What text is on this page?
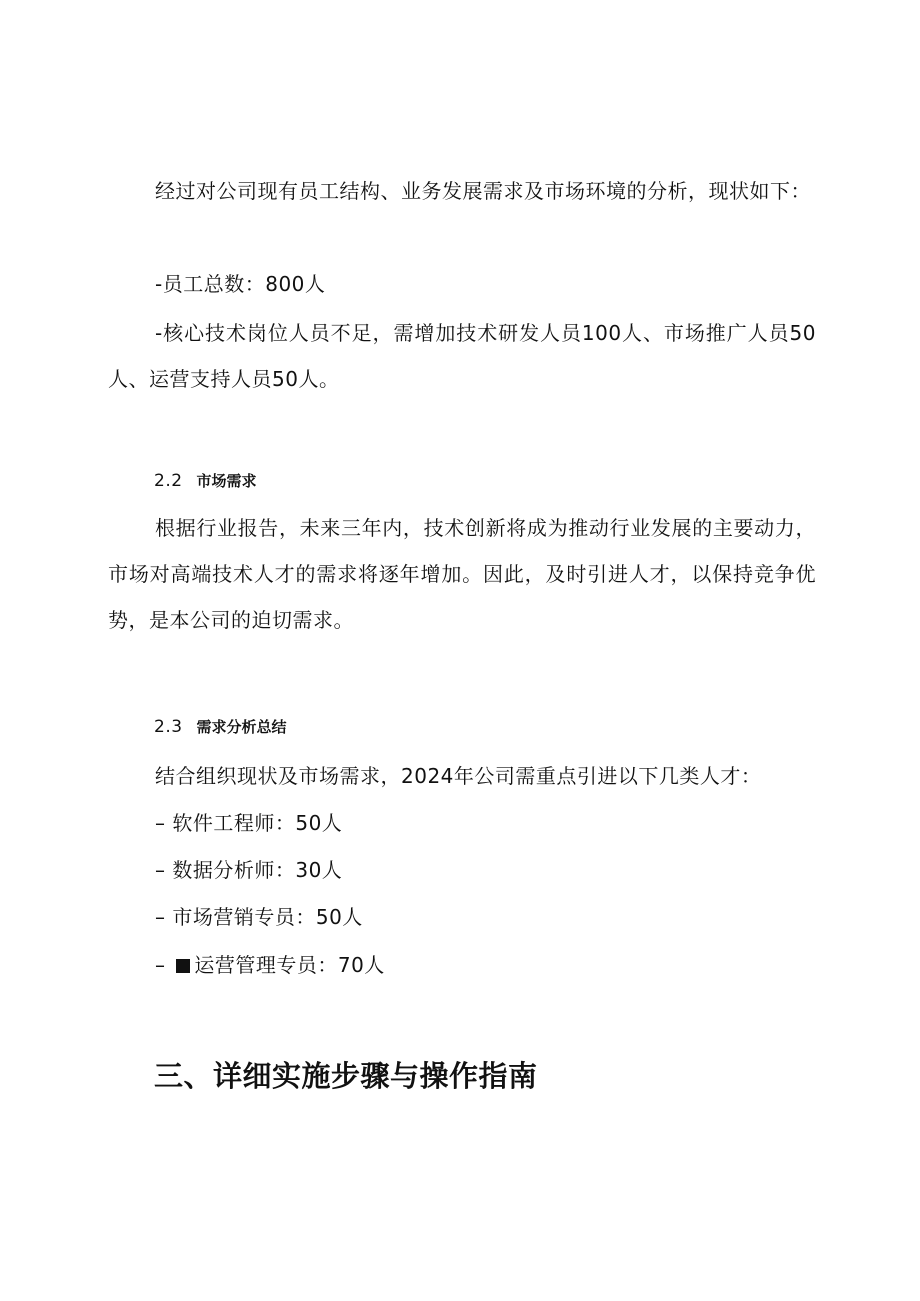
经过对公司现有员工结构、业务发展需求及市场环境的分析，现状如下：
-员工总数：800人
-核心技术岗位人员不足，需增加技术研发人员100人、市场推广人员50人、运营支持人员50人。
2.2 市场需求
根据行业报告，未来三年内，技术创新将成为推动行业发展的主要动力，市场对高端技术人才的需求将逐年增加。因此，及时引进人才，以保持竞争优势，是本公司的迫切需求。
2.3 需求分析总结
结合组织现状及市场需求，2024年公司需重点引进以下几类人才：
– 软件工程师：50人
– 数据分析师：30人
– 市场营销专员：50人
– 运营管理专员：70人
三、详细实施步骤与操作指南
